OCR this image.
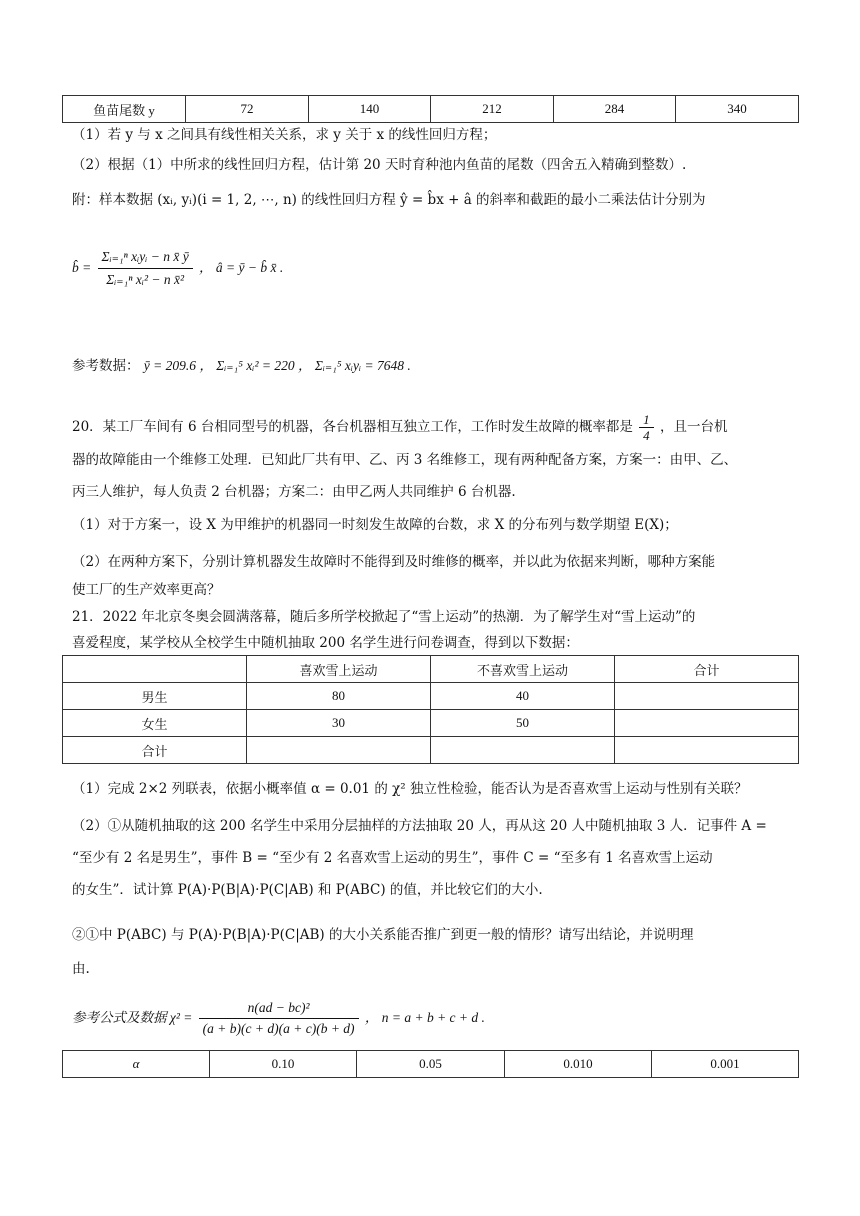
鱼苗尾数 y	72	140	212	284	340
（1）若 y 与 x 之间具有线性相关关系，求 y 关于 x 的线性回归方程；
（2）根据（1）中所求的线性回归方程，估计第 20 天时育种池内鱼苗的尾数（四舍五入精确到整数）.
附：样本数据 (xᵢ, yᵢ)(i = 1, 2, ⋯, n) 的线性回归方程 ŷ = b̂x + â 的斜率和截距的最小二乘法估计分别为
b̂ = $\frac{\text{Σᵢ₌₁ⁿ xᵢyᵢ − n x̄ ȳ}}{\text{Σᵢ₌₁ⁿ xᵢ² − n x̄²}}$ ， â = ȳ − b̂ x̄ .
参考数据： ȳ = 209.6 ， Σᵢ₌₁⁵ xᵢ² = 220 ， Σᵢ₌₁⁵ xᵢyᵢ = 7648 .
20．某工厂车间有 6 台相同型号的机器，各台机器相互独立工作，工作时发生故障的概率都是 $\frac{1}{4}$ ，且一台机
器的故障能由一个维修工处理．已知此厂共有甲、乙、丙 3 名维修工，现有两种配备方案，方案一：由甲、乙、
丙三人维护，每人负责 2 台机器；方案二：由甲乙两人共同维护 6 台机器.
（1）对于方案一，设 X 为甲维护的机器同一时刻发生故障的台数，求 X 的分布列与数学期望 E(X)；
（2）在两种方案下，分别计算机器发生故障时不能得到及时维修的概率，并以此为依据来判断，哪种方案能
使工厂的生产效率更高？
21．2022 年北京冬奥会圆满落幕，随后多所学校掀起了“雪上运动”的热潮．为了解学生对“雪上运动”的
喜爱程度，某学校从全校学生中随机抽取 200 名学生进行问卷调查，得到以下数据：
	喜欢雪上运动	不喜欢雪上运动	合计
男生	80	40	
女生	30	50	
合计			
（1）完成 2×2 列联表，依据小概率值 α = 0.01 的 χ² 独立性检验，能否认为是否喜欢雪上运动与性别有关联？
（2）①从随机抽取的这 200 名学生中采用分层抽样的方法抽取 20 人，再从这 20 人中随机抽取 3 人．记事件 A =
“至少有 2 名是男生”，事件 B = “至少有 2 名喜欢雪上运动的男生”，事件 C = “至多有 1 名喜欢雪上运动
的女生”．试计算 P(A)·P(B|A)·P(C|AB) 和 P(ABC) 的值，并比较它们的大小.
②①中 P(ABC) 与 P(A)·P(B|A)·P(C|AB) 的大小关系能否推广到更一般的情形？请写出结论，并说明理
由.
参考公式及数据 $\chi^2 = \frac{\text{n(ad − bc)²}}{(a + b)(c + d)(a + c)(b + d)}$ ， n = a + b + c + d .
α	0.10	0.05	0.010	0.001
